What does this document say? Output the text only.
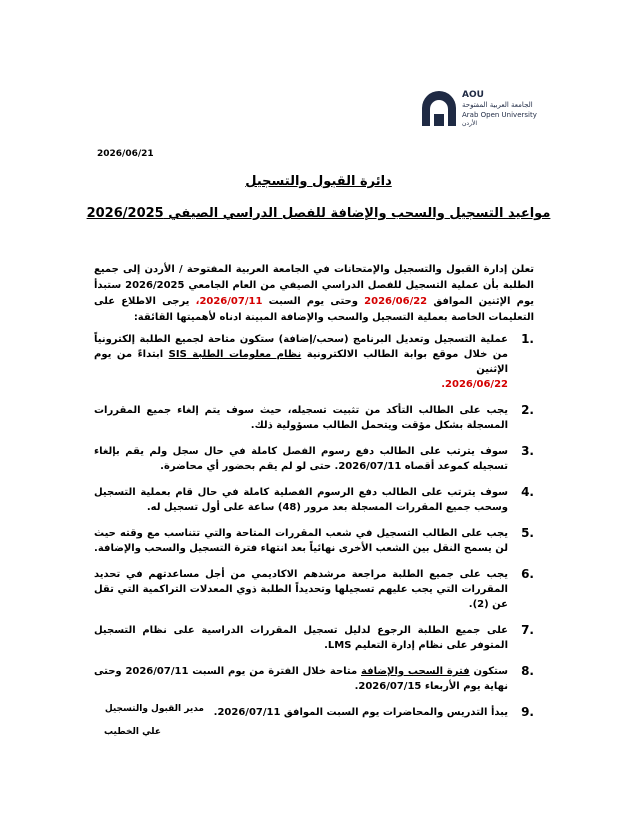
AOU
الجامعة العربية المفتوحة
Arab Open University
الأردن
2026/06/21
دائرة القبول والتسجيل
مواعيد التسجيل والسحب والإضافة للفصل الدراسي الصيفي 2026/2025
تعلن إدارة القبول والتسجيل والإمتحانات في الجامعة العربية المفتوحة / الأردن إلى جميع الطلبة بأن عملية التسجيل للفصل الدراسي الصيفي من العام الجامعي 2026/2025 ستبدأ يوم الإثنين الموافق 2026/06/22 وحتى يوم السبت 2026/07/11، يرجى الاطلاع على التعليمات الخاصة بعملية التسجيل والسحب والإضافة المبينة ادناه لأهميتها القائقة:
1.
عملية التسجيل وتعديل البرنامج (سحب/إضافة) ستكون متاحة لجميع الطلبة إلكترونياً من خلال موقع بوابة الطالب الالكترونية نظام معلومات الطلبة SIS ابتداءً من يوم الإثنين
2026/06/22.
2.
يجب على الطالب التأكد من تثبيت تسجيله، حيث سوف يتم إلغاء جميع المقررات المسجلة بشكل مؤقت ويتحمل الطالب مسؤولية ذلك.
3.
سوف يترتب على الطالب دفع رسوم الفصل كاملة في حال سجل ولم يقم بإلغاء تسجيله كموعد أقصاه 2026/07/11. حتى لو لم يقم بحضور أي محاضرة.
4.
سوف يترتب على الطالب دفع الرسوم الفصلية كاملة في حال قام بعملية التسجيل وسحب جميع المقررات المسجلة بعد مرور (48) ساعة على أول تسجيل له.
5.
يجب على الطالب التسجيل في شعب المقررات المتاحة والتي تتناسب مع وقته حيث لن يسمح النقل بين الشعب الأخرى نهائياً بعد انتهاء فترة التسجيل والسحب والإضافة.
6.
يجب على جميع الطلبة مراجعة مرشدهم الاكاديمي من أجل مساعدتهم في تحديد المقررات التي يجب عليهم تسجيلها وتحديداً الطلبة ذوي المعدلات التراكمية التي تقل عن (2).
7.
على جميع الطلبة الرجوع لدليل تسجيل المقررات الدراسية على نظام التسجيل المتوفر على نظام إدارة التعليم LMS.
8.
ستكون فترة السحب والإضافة متاحة خلال الفترة من يوم السبت 2026/07/11 وحتى نهاية يوم الأربعاء 2026/07/15.
9.
يبدأ التدريس والمحاضرات يوم السبت الموافق 2026/07/11.
مدير القبول والتسجيل
علي الخطيب
